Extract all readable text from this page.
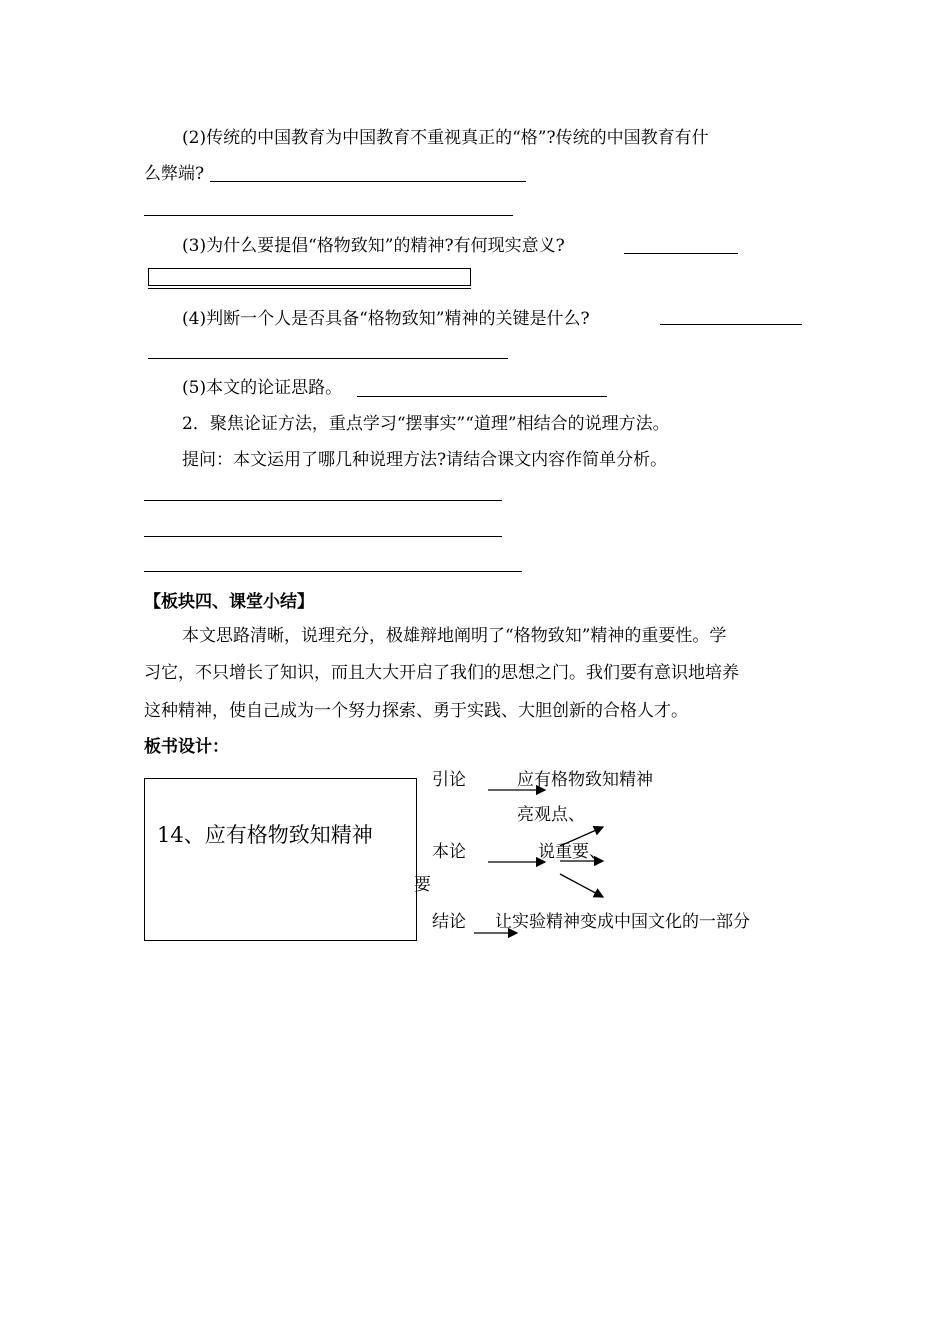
(2)传统的中国教育为中国教育不重视真正的“格”?传统的中国教育有什
么弊端?
(3)为什么要提倡“格物致知”的精神?有何现实意义?
(4)判断一个人是否具备“格物致知”精神的关键是什么?
(5)本文的论证思路。
2．聚焦论证方法，重点学习“摆事实”“道理”相结合的说理方法。
提问：本文运用了哪几种说理方法?请结合课文内容作简单分析。
【板块四、课堂小结】
本文思路清晰，说理充分，极雄辩地阐明了“格物致知”精神的重要性。学
习它，不只增长了知识，而且大大开启了我们的思想之门。我们要有意识地培养
这种精神，使自己成为一个努力探索、勇于实践、大胆创新的合格人才。
板书设计：
14、应有格物致知精神
引论	应有格物致知精神
亮观点、
本论	说重要、
要
结论 让实验精神变成中国文化的一部分
